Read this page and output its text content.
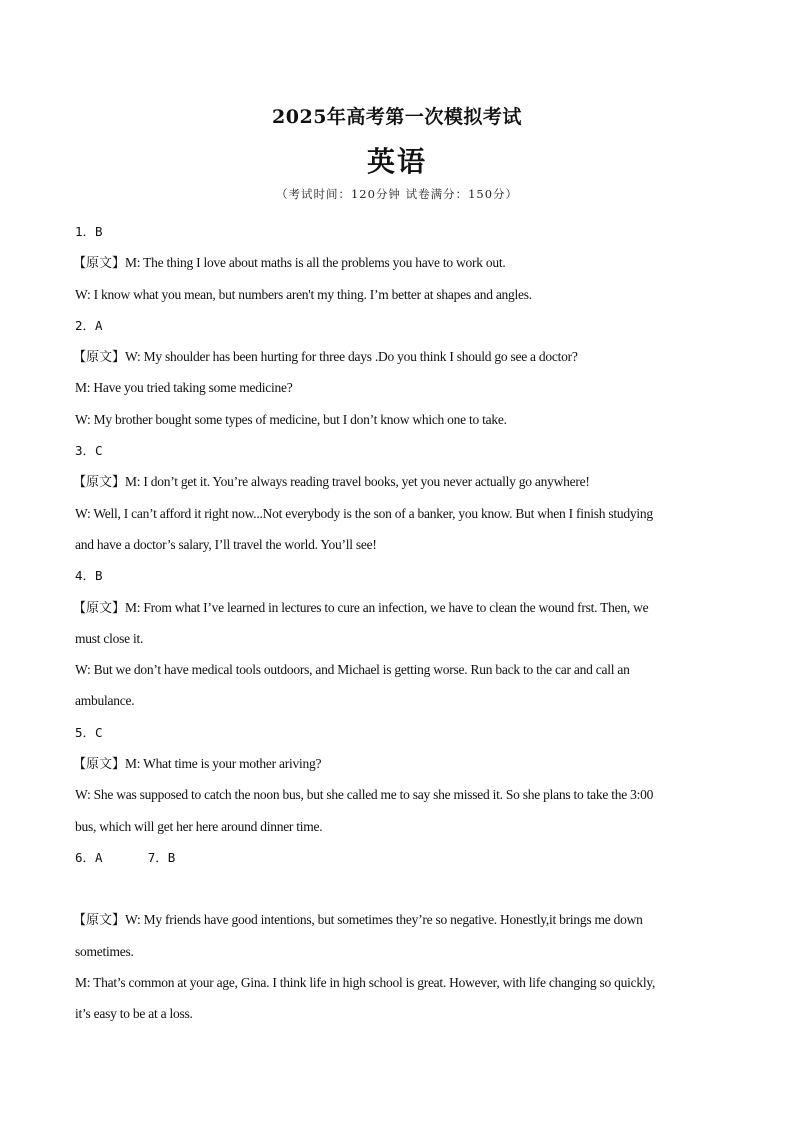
2025年高考第一次模拟考试
英语
（考试时间：120分钟 试卷满分：150分）
1．B
【原文】M: The thing I love about maths is all the problems you have to work out.
W: I know what you mean, but numbers aren't my thing. I’m better at shapes and angles.
2．A
【原文】W: My shoulder has been hurting for three days .Do you think I should go see a doctor?
M: Have you tried taking some medicine?
W: My brother bought some types of medicine, but I don’t know which one to take.
3．C
【原文】M: I don’t get it. You’re always reading travel books, yet you never actually go anywhere!
W: Well, I can’t afford it right now...Not everybody is the son of a banker, you know. But when I finish studying
and have a doctor’s salary, I’ll travel the world. You’ll see!
4．B
【原文】M: From what I’ve learned in lectures to cure an infection, we have to clean the wound frst. Then, we
must close it.
W: But we don’t have medical tools outdoors, and Michael is getting worse. Run back to the car and call an
ambulance.
5．C
【原文】M: What time is your mother ariving?
W: She was supposed to catch the noon bus, but she called me to say she missed it. So she plans to take the 3:00
bus, which will get her here around dinner time.
6．A      7．B
【原文】W: My friends have good intentions, but sometimes they’re so negative. Honestly,it brings me down
sometimes.
M: That’s common at your age, Gina. I think life in high school is great. However, with life changing so quickly,
it’s easy to be at a loss.
